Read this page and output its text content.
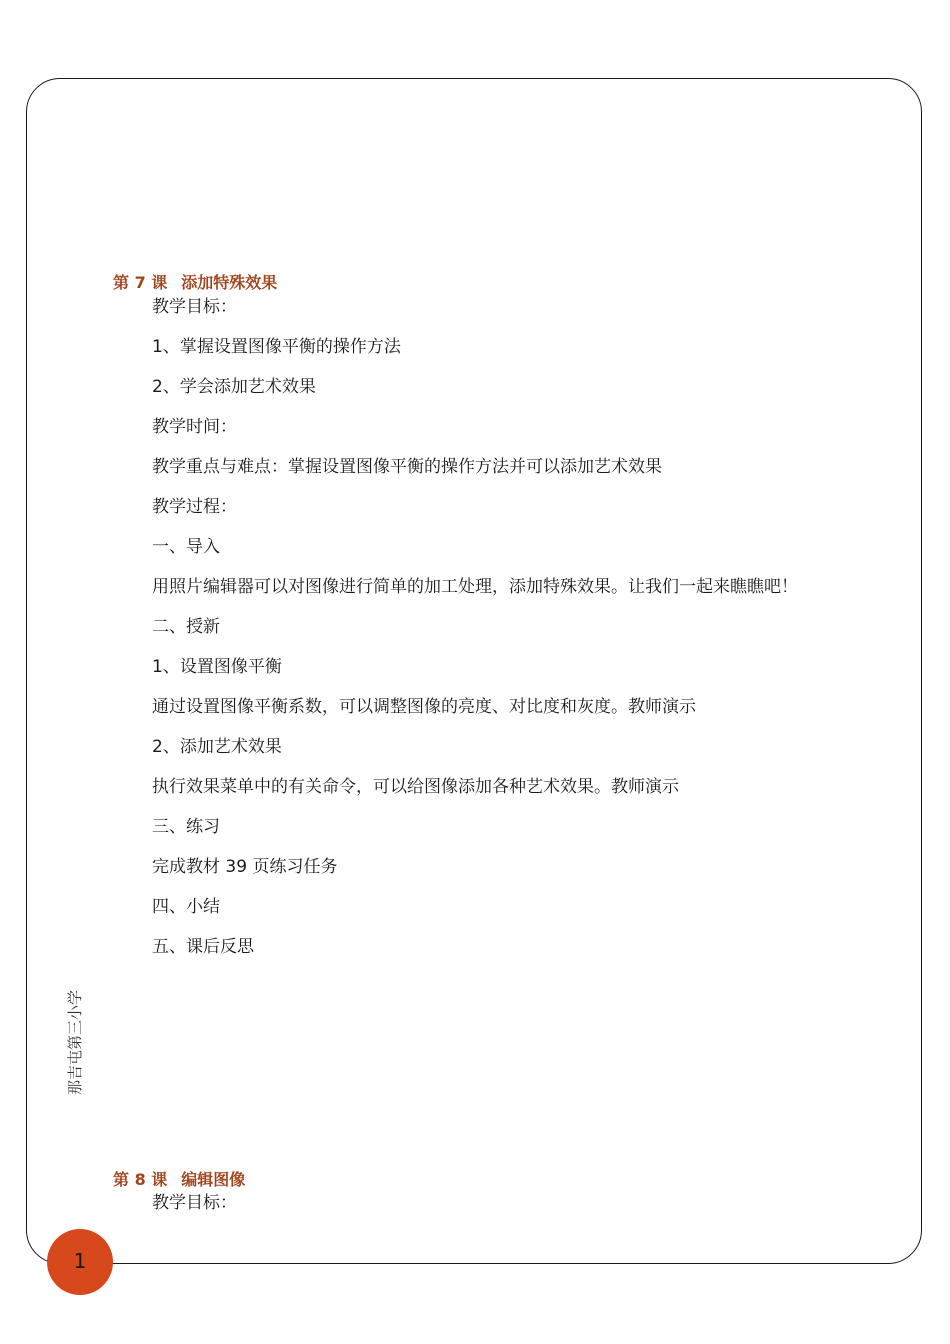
第 7 课 添加特殊效果

教学目标：

1、掌握设置图像平衡的操作方法

2、学会添加艺术效果

教学时间：

教学重点与难点：掌握设置图像平衡的操作方法并可以添加艺术效果

教学过程：

一、导入

用照片编辑器可以对图像进行简单的加工处理，添加特殊效果。让我们一起来瞧瞧吧！

二、授新

1、设置图像平衡

通过设置图像平衡系数，可以调整图像的亮度、对比度和灰度。教师演示

2、添加艺术效果

执行效果菜单中的有关命令，可以给图像添加各种艺术效果。教师演示

三、练习

完成教材 39 页练习任务

四、小结

五、课后反思

那吉屯第三小学
第 8 课 编辑图像

教学目标：

1
